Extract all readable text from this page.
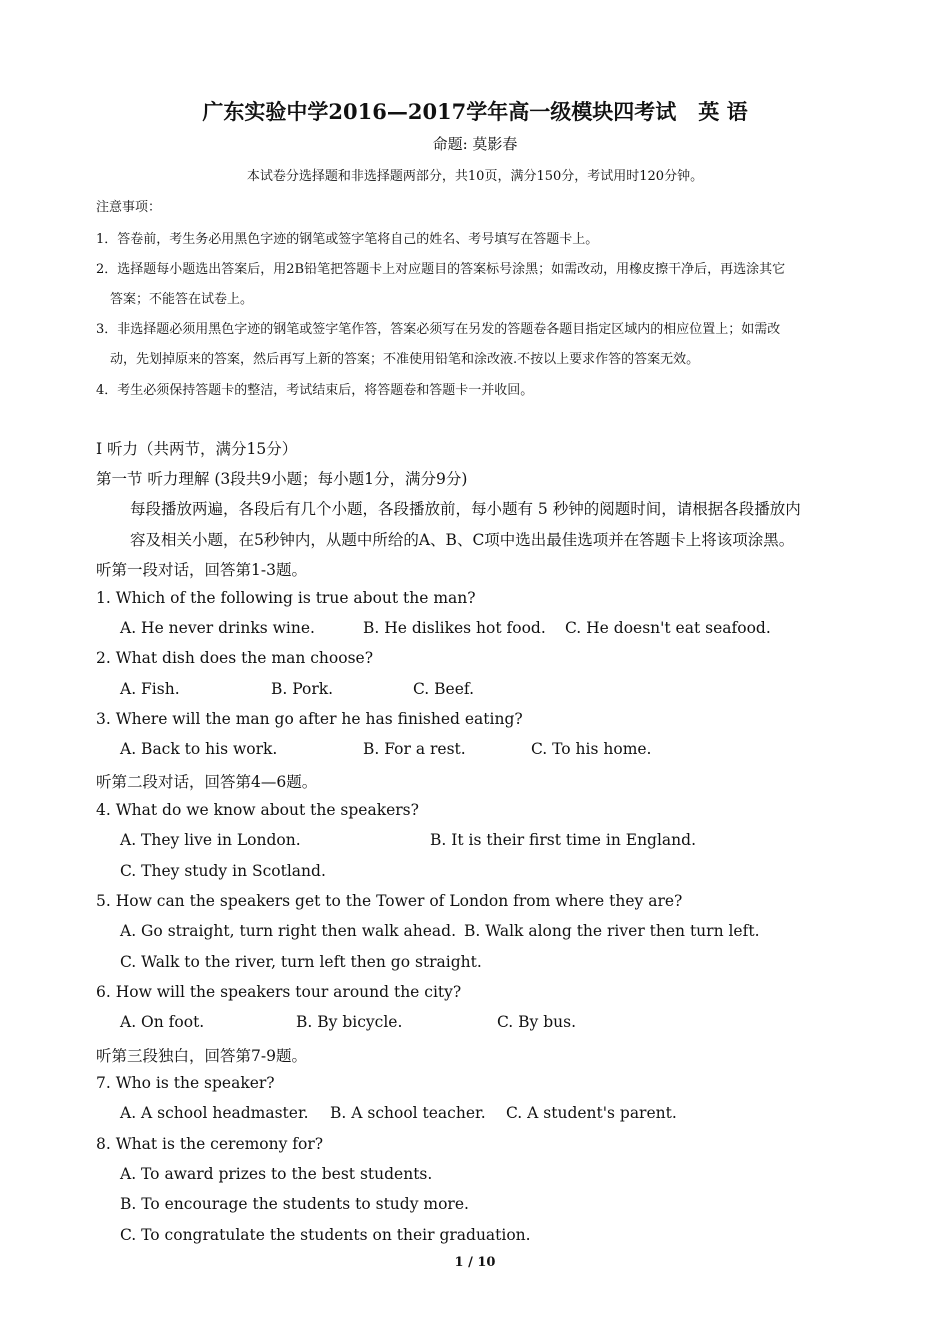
广东实验中学2016—2017学年高一级模块四考试 英 语
命题: 莫影春
本试卷分选择题和非选择题两部分，共10页，满分150分，考试用时120分钟。
注意事项：
1．答卷前，考生务必用黑色字迹的钢笔或签字笔将自己的姓名、考号填写在答题卡上。
2．选择题每小题选出答案后，用2B铅笔把答题卡上对应题目的答案标号涂黑；如需改动，用橡皮擦干净后，再选涂其它
答案；不能答在试卷上。
3．非选择题必须用黑色字迹的钢笔或签字笔作答，答案必须写在另发的答题卷各题目指定区域内的相应位置上；如需改
动，先划掉原来的答案，然后再写上新的答案；不准使用铅笔和涂改液.不按以上要求作答的答案无效。
4．考生必须保持答题卡的整洁，考试结束后，将答题卷和答题卡一并收回。
I 听力（共两节，满分15分）
第一节 听力理解 (3段共9小题；每小题1分，满分9分)
每段播放两遍，各段后有几个小题，各段播放前，每小题有 5 秒钟的阅题时间，请根据各段播放内
容及相关小题，在5秒钟内，从题中所给的A、B、C项中选出最佳选项并在答题卡上将该项涂黑。
听第一段对话，回答第1-3题。
1. Which of the following is true about the man?
A. He never drinks wine.	B. He dislikes hot food. C. He doesn't eat seafood.
2. What dish does the man choose?
A. Fish.	B. Pork.	C. Beef.
3. Where will the man go after he has finished eating?
A. Back to his work.	B. For a rest.	C. To his home.
听第二段对话，回答第4—6题。
4. What do we know about the speakers?
A. They live in London.	B. It is their first time in England.
C. They study in Scotland.
5. How can the speakers get to the Tower of London from where they are?
A. Go straight, turn right then walk ahead. B. Walk along the river then turn left.
C. Walk to the river, turn left then go straight.
6. How will the speakers tour around the city?
A. On foot.	B. By bicycle.	C. By bus.
听第三段独白，回答第7-9题。
7. Who is the speaker?
A. A school headmaster. B. A school teacher. C. A student's parent.
8. What is the ceremony for?
A. To award prizes to the best students.
B. To encourage the students to study more.
C. To congratulate the students on their graduation.
1 / 10
